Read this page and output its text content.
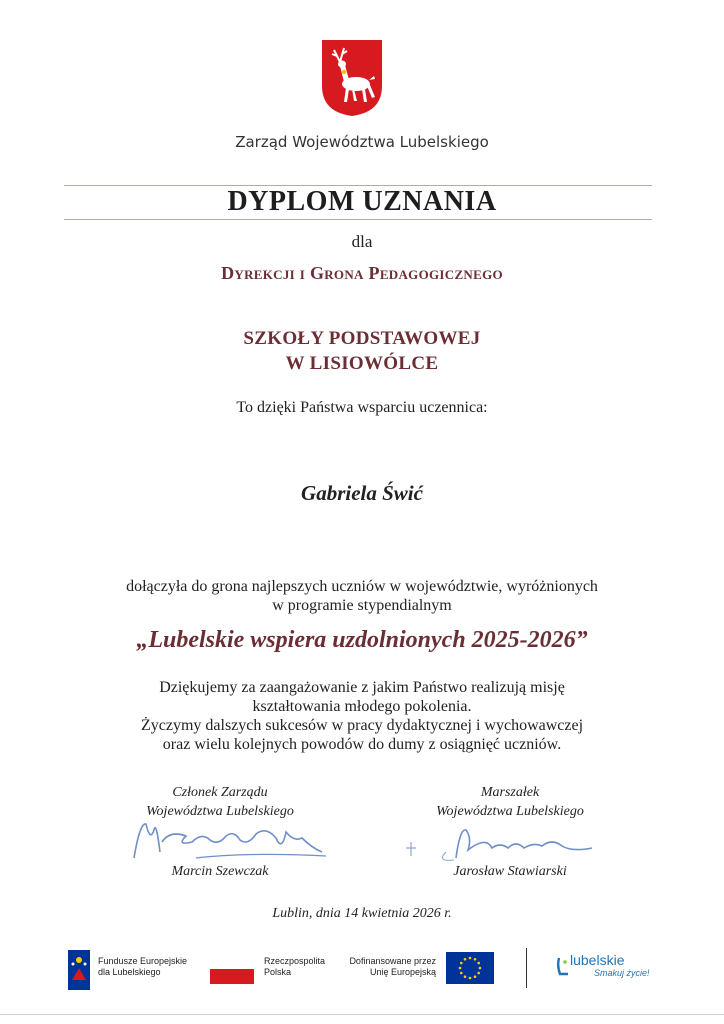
Zarząd Województwa Lubelskiego
DYPLOM UZNANIA
dla
Dyrekcji i Grona Pedagogicznego
SZKOŁY PODSTAWOWEJ
W LISIOWÓLCE
To dzięki Państwa wsparciu uczennica:
Gabriela Świć
dołączyła do grona najlepszych uczniów w województwie, wyróżnionych
w programie stypendialnym
„Lubelskie wspiera uzdolnionych 2025-2026”
Dziękujemy za zaangażowanie z jakim Państwo realizują misję
kształtowania młodego pokolenia.
Życzymy dalszych sukcesów w pracy dydaktycznej i wychowawczej
oraz wielu kolejnych powodów do dumy z osiągnięć uczniów.
Członek Zarządu
Województwa Lubelskiego
Marcin Szewczak
Marszałek
Województwa Lubelskiego
Jarosław Stawiarski
Lublin, dnia 14 kwietnia 2026 r.
Fundusze Europejskie
dla Lubelskiego
Rzeczpospolita
Polska
Dofinansowane przez
Unię Europejską
lubelskie
Smakuj życie!
